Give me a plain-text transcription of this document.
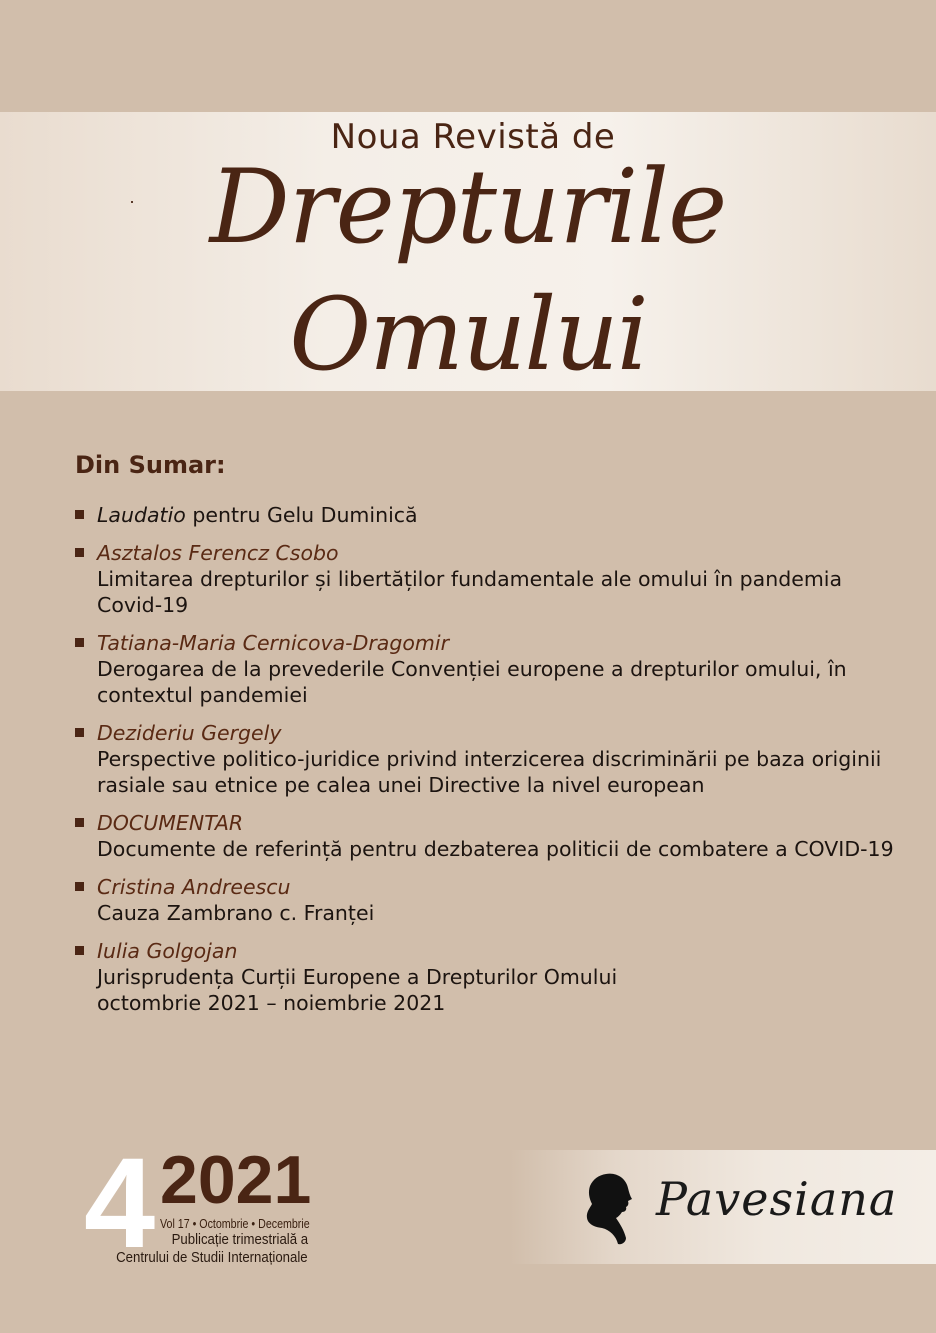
Noua Revistă de
Drepturile
Omului
Din Sumar:
Laudatio pentru Gelu Duminică
Asztalos Ferencz Csobo
Limitarea drepturilor și libertăților fundamentale ale omului în pandemia
Covid-19
Tatiana-Maria Cernicova-Dragomir
Derogarea de la prevederile Convenției europene a drepturilor omului, în
contextul pandemiei
Dezideriu Gergely
Perspective politico-juridice privind interzicerea discriminării pe baza originii
rasiale sau etnice pe calea unei Directive la nivel european
DOCUMENTAR
Documente de referință pentru dezbaterea politicii de combatere a COVID-19
Cristina Andreescu
Cauza Zambrano c. Franței
Iulia Golgojan
Jurisprudența Curții Europene a Drepturilor Omului
octombrie 2021 – noiembrie 2021
4 2021
Vol 17 • Octombrie • Decembrie
Publicație trimestrială a
Centrului de Studii Internaționale
Pavesiana
